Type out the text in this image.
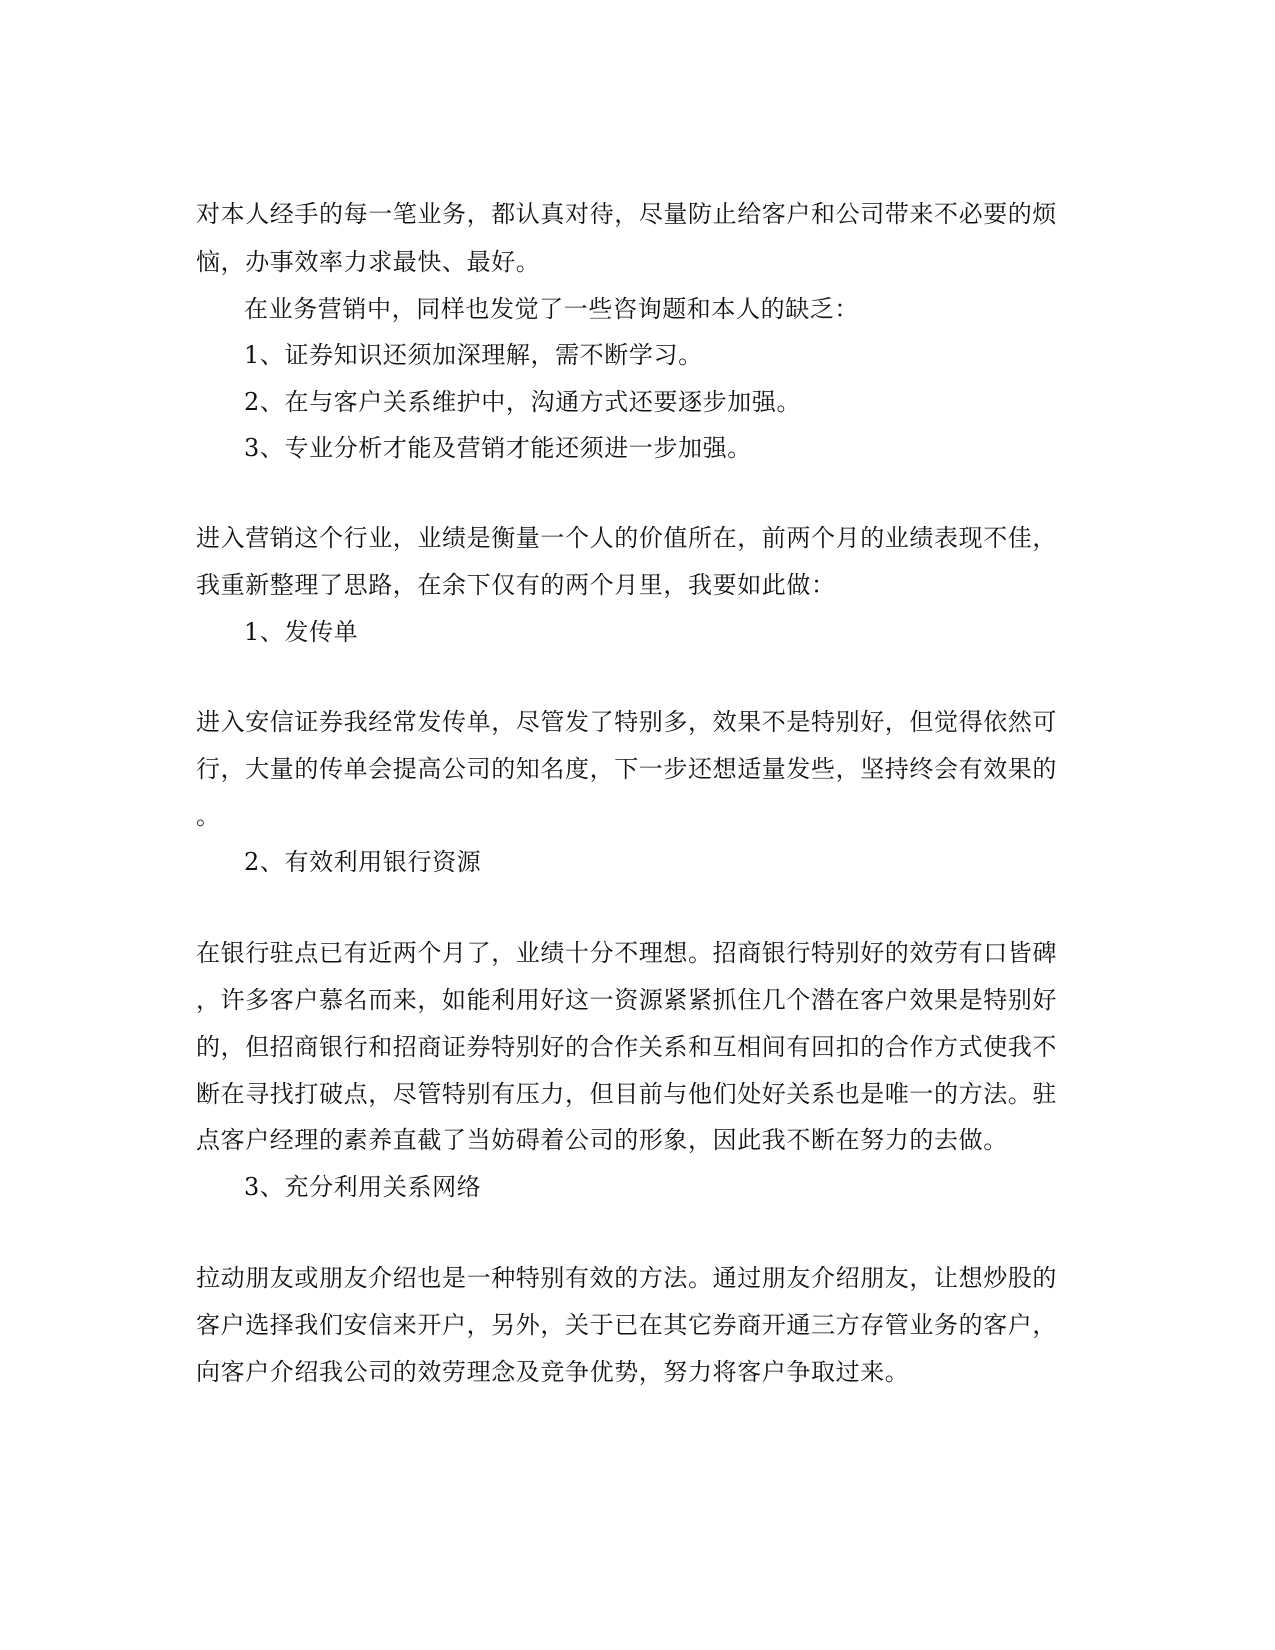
对本人经手的每一笔业务，都认真对待，尽量防止给客户和公司带来不必要的烦
恼，办事效率力求最快、最好。
在业务营销中，同样也发觉了一些咨询题和本人的缺乏：
1、证券知识还须加深理解，需不断学习。
2、在与客户关系维护中，沟通方式还要逐步加强。
3、专业分析才能及营销才能还须进一步加强。
进入营销这个行业，业绩是衡量一个人的价值所在，前两个月的业绩表现不佳，
我重新整理了思路，在余下仅有的两个月里，我要如此做：
1、发传单
进入安信证券我经常发传单，尽管发了特别多，效果不是特别好，但觉得依然可
行，大量的传单会提高公司的知名度，下一步还想适量发些，坚持终会有效果的
。
2、有效利用银行资源
在银行驻点已有近两个月了，业绩十分不理想。招商银行特别好的效劳有口皆碑
，许多客户慕名而来，如能利用好这一资源紧紧抓住几个潜在客户效果是特别好
的，但招商银行和招商证券特别好的合作关系和互相间有回扣的合作方式使我不
断在寻找打破点，尽管特别有压力，但目前与他们处好关系也是唯一的方法。驻
点客户经理的素养直截了当妨碍着公司的形象，因此我不断在努力的去做。
3、充分利用关系网络
拉动朋友或朋友介绍也是一种特别有效的方法。通过朋友介绍朋友，让想炒股的
客户选择我们安信来开户，另外，关于已在其它券商开通三方存管业务的客户，
向客户介绍我公司的效劳理念及竞争优势，努力将客户争取过来。
